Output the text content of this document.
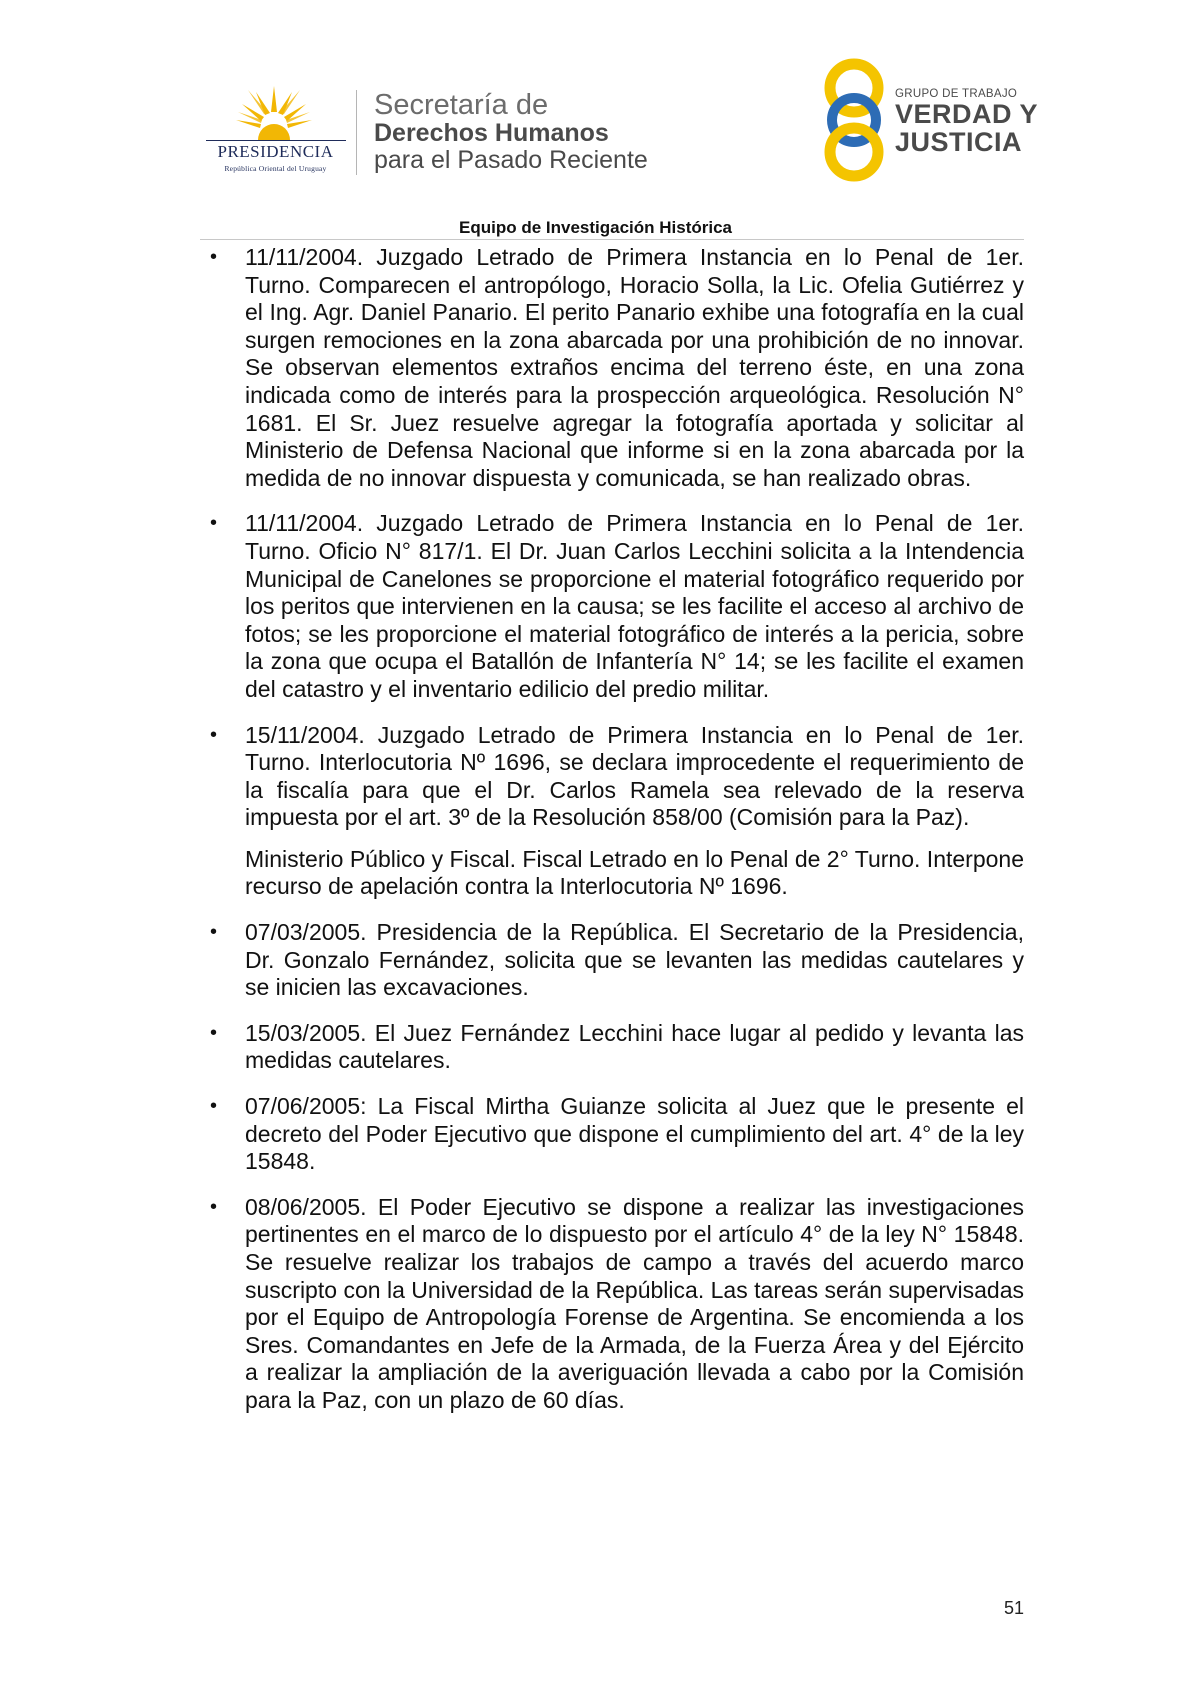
PRESIDENCIA
República Oriental del Uruguay
Secretaría de
Derechos Humanos
para el Pasado Reciente
GRUPO DE TRABAJO
VERDAD Y
JUSTICIA
Equipo de Investigación Histórica
• 11/11/2004. Juzgado Letrado de Primera Instancia en lo Penal de 1er. Turno. Comparecen el antropólogo, Horacio Solla, la Lic. Ofelia Gutiérrez y el Ing. Agr. Daniel Panario. El perito Panario exhibe una fotografía en la cual surgen remociones en la zona abarcada por una prohibición de no innovar. Se observan elementos extraños encima del terreno éste, en una zona indicada como de interés para la prospección arqueológica. Resolución N° 1681. El Sr. Juez resuelve agregar la fotografía aportada y solicitar al Ministerio de Defensa Nacional que informe si en la zona abarcada por la medida de no innovar dispuesta y comunicada, se han realizado obras.

• 11/11/2004. Juzgado Letrado de Primera Instancia en lo Penal de 1er. Turno. Oficio N° 817/1. El Dr. Juan Carlos Lecchini solicita a la Intendencia Municipal de Canelones se proporcione el material fotográfico requerido por los peritos que intervienen en la causa; se les facilite el acceso al archivo de fotos; se les proporcione el material fotográfico de interés a la pericia, sobre la zona que ocupa el Batallón de Infantería N° 14; se les facilite el examen del catastro y el inventario edilicio del predio militar.

• 15/11/2004. Juzgado Letrado de Primera Instancia en lo Penal de 1er. Turno. Interlocutoria Nº 1696, se declara improcedente el requerimiento de la fiscalía para que el Dr. Carlos Ramela sea relevado de la reserva impuesta por el art. 3º de la Resolución 858/00 (Comisión para la Paz).

Ministerio Público y Fiscal. Fiscal Letrado en lo Penal de 2° Turno. Interpone recurso de apelación contra la Interlocutoria Nº 1696.

• 07/03/2005. Presidencia de la República. El Secretario de la Presidencia, Dr. Gonzalo Fernández, solicita que se levanten las medidas cautelares y se inicien las excavaciones.

• 15/03/2005. El Juez Fernández Lecchini hace lugar al pedido y levanta las medidas cautelares.

• 07/06/2005: La Fiscal Mirtha Guianze solicita al Juez que le presente el decreto del Poder Ejecutivo que dispone el cumplimiento del art. 4° de la ley 15848.

• 08/06/2005. El Poder Ejecutivo se dispone a realizar las investigaciones pertinentes en el marco de lo dispuesto por el artículo 4° de la ley N° 15848. Se resuelve realizar los trabajos de campo a través del acuerdo marco suscripto con la Universidad de la República. Las tareas serán supervisadas por el Equipo de Antropología Forense de Argentina. Se encomienda a los Sres. Comandantes en Jefe de la Armada, de la Fuerza Área y del Ejército a realizar la ampliación de la averiguación llevada a cabo por la Comisión para la Paz, con un plazo de 60 días.

51
